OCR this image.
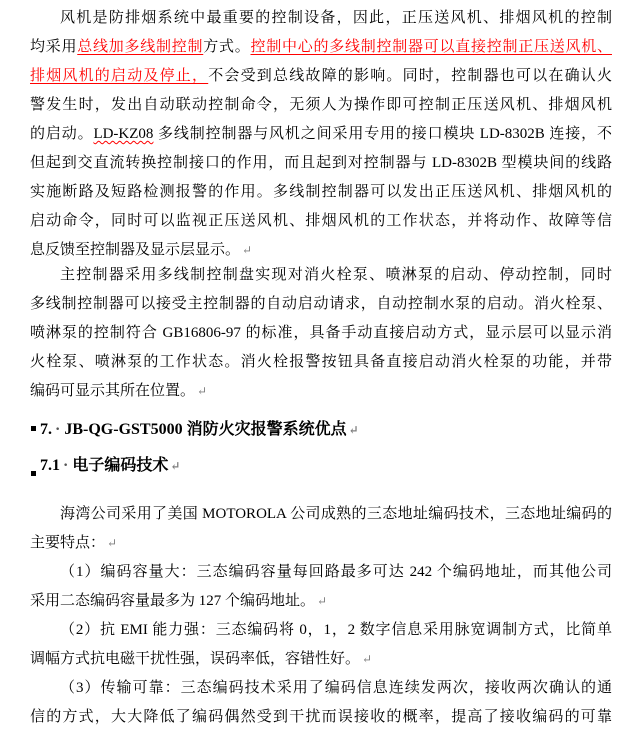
风机是防排烟系统中最重要的控制设备，因此，正压送风机、排烟风机的控制
均采用总线加多线制控制方式。控制中心的多线制控制器可以直接控制正压送风机、
排烟风机的启动及停止，不会受到总线故障的影响。同时，控制器也可以在确认火
警发生时，发出自动联动控制命令，无须人为操作即可控制正压送风机、排烟风机
的启动。LD-KZ08 多线制控制器与风机之间采用专用的接口模块 LD-8302B 连接，不
但起到交直流转换控制接口的作用，而且起到对控制器与 LD-8302B 型模块间的线路
实施断路及短路检测报警的作用。多线制控制器可以发出正压送风机、排烟风机的
启动命令，同时可以监视正压送风机、排烟风机的工作状态，并将动作、故障等信
息反馈至控制器及显示层显示。 ↵
主控制器采用多线制控制盘实现对消火栓泵、喷淋泵的启动、停动控制，同时
多线制控制器可以接受主控制器的自动启动请求，自动控制水泵的启动。消火栓泵、
喷淋泵的控制符合 GB16806-97 的标准，具备手动直接启动方式，显示层可以显示消
火栓泵、喷淋泵的工作状态。消火栓报警按钮具备直接启动消火栓泵的功能，并带
编码可显示其所在位置。 ↵
7. · JB-QG-GST5000 消防火灾报警系统优点 ↵
7.1 · 电子编码技术 ↵
海湾公司采用了美国 MOTOROLA 公司成熟的三态地址编码技术，三态地址编码的
主要特点： ↵
（1）编码容量大：三态编码容量每回路最多可达 242 个编码地址，而其他公司
采用二态编码容量最多为 127 个编码地址。 ↵
（2）抗 EMI 能力强：三态编码将 0，1，2 数字信息采用脉宽调制方式，比简单
调幅方式抗电磁干扰性强，误码率低，容错性好。 ↵
（3）传输可靠：三态编码技术采用了编码信息连续发两次，接收两次确认的通
信的方式，大大降低了编码偶然受到干扰而误接收的概率，提高了接收编码的可靠
